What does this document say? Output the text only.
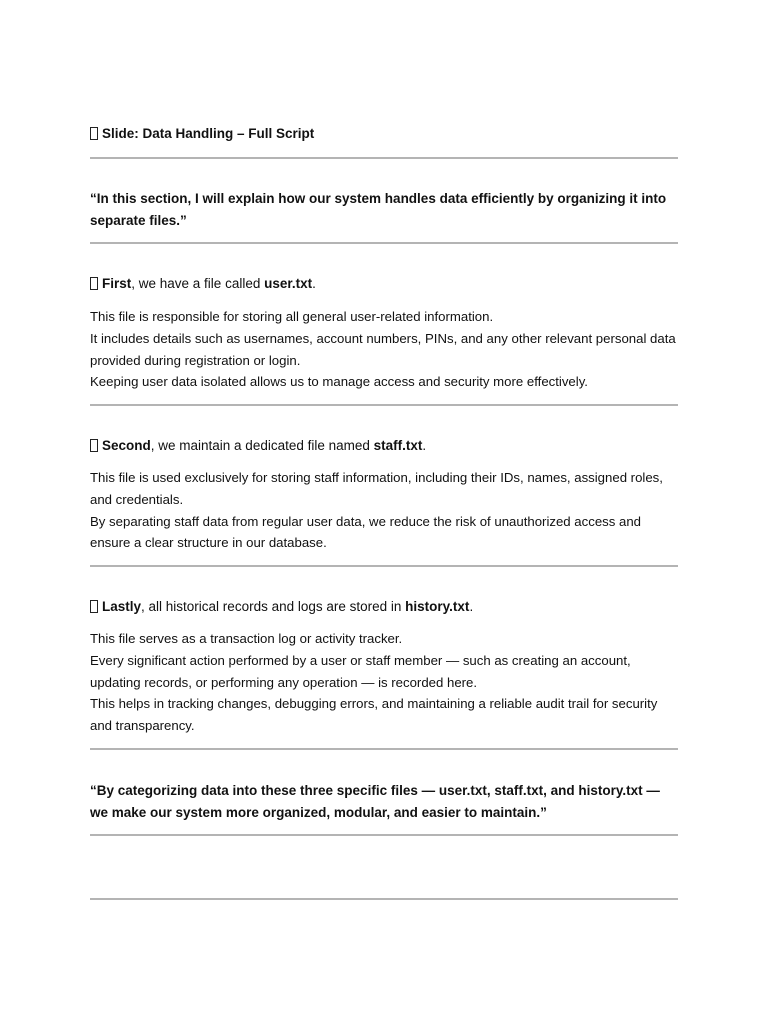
Slide: Data Handling – Full Script
“In this section, I will explain how our system handles data efficiently by organizing it into separate files.”
First, we have a file called user.txt.

This file is responsible for storing all general user-related information.

It includes details such as usernames, account numbers, PINs, and any other relevant personal data provided during registration or login.

Keeping user data isolated allows us to manage access and security more effectively.

Second, we maintain a dedicated file named staff.txt.

This file is used exclusively for storing staff information, including their IDs, names, assigned roles, and credentials.

By separating staff data from regular user data, we reduce the risk of unauthorized access and ensure a clear structure in our database.

Lastly, all historical records and logs are stored in history.txt.

This file serves as a transaction log or activity tracker.

Every significant action performed by a user or staff member — such as creating an account, updating records, or performing any operation — is recorded here.

This helps in tracking changes, debugging errors, and maintaining a reliable audit trail for security and transparency.

“By categorizing data into these three specific files — user.txt, staff.txt, and history.txt — we make our system more organized, modular, and easier to maintain.”
